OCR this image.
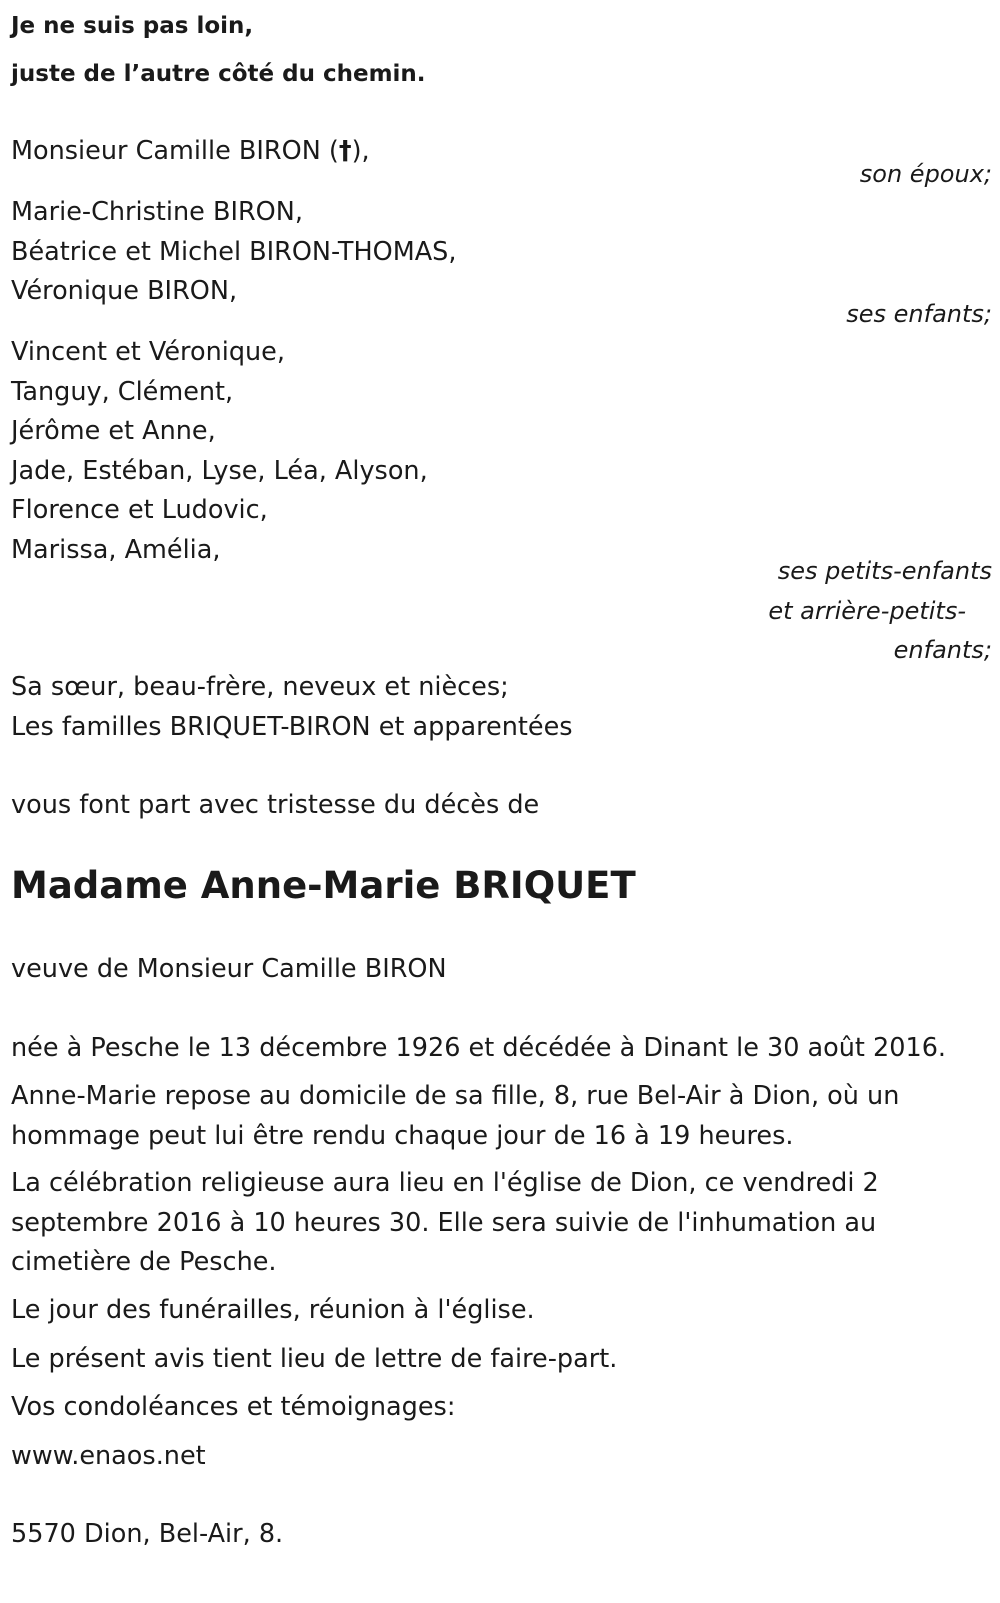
Je ne suis pas loin,
juste de l’autre côté du chemin.
Monsieur Camille BIRON (†),
son époux;
Marie-Christine BIRON,
Béatrice et Michel BIRON-THOMAS,
Véronique BIRON,
ses enfants;
Vincent et Véronique,
Tanguy, Clément,
Jérôme et Anne,
Jade, Estéban, Lyse, Léa, Alyson,
Florence et Ludovic,
Marissa, Amélia,
ses petits-enfants
et arrière-petits-
enfants;
Sa sœur, beau-frère, neveux et nièces;
Les familles BRIQUET-BIRON et apparentées
vous font part avec tristesse du décès de
Madame Anne-Marie BRIQUET
veuve de Monsieur Camille BIRON
née à Pesche le 13 décembre 1926 et décédée à Dinant le 30 août 2016.
Anne-Marie repose au domicile de sa fille, 8, rue Bel-Air à Dion, où un
hommage peut lui être rendu chaque jour de 16 à 19 heures.
La célébration religieuse aura lieu en l'église de Dion, ce vendredi 2
septembre 2016 à 10 heures 30. Elle sera suivie de l'inhumation au
cimetière de Pesche.
Le jour des funérailles, réunion à l'église.
Le présent avis tient lieu de lettre de faire-part.
Vos condoléances et témoignages:
www.enaos.net
5570 Dion, Bel-Air, 8.
